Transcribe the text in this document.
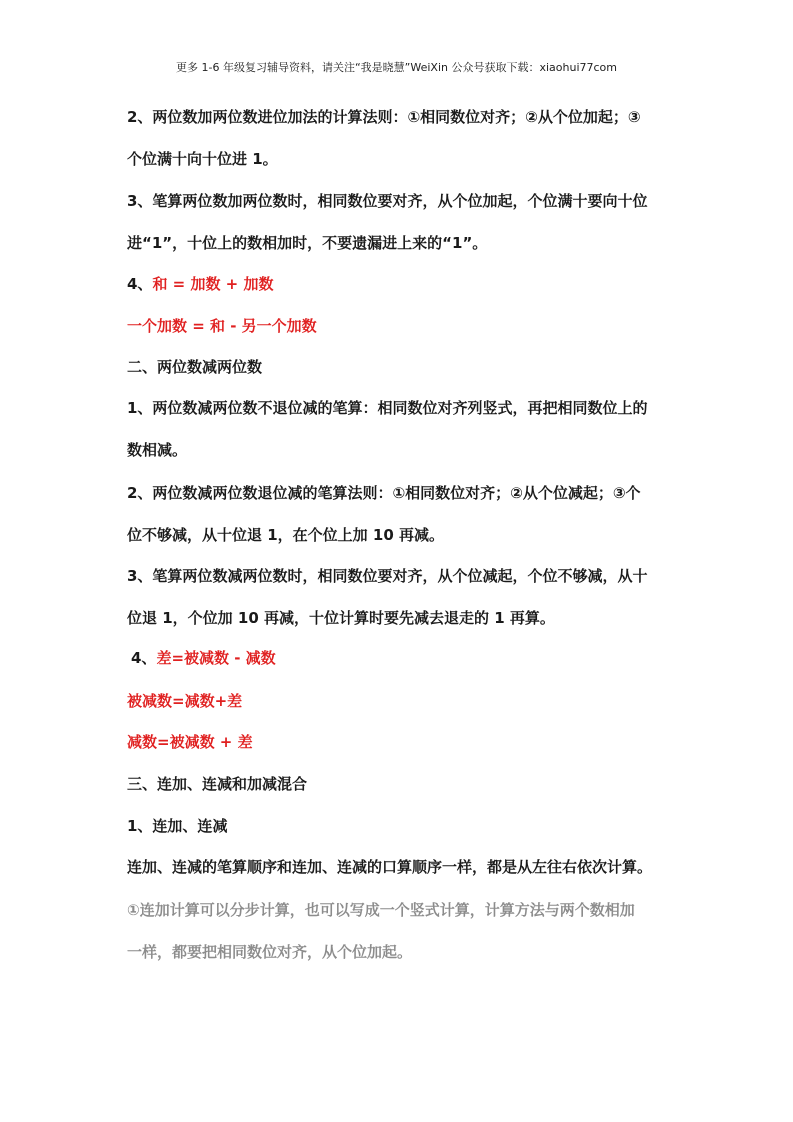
更多 1-6 年级复习辅导资料，请关注“我是晓慧”WeiXin 公众号获取下载：xiaohui77com
2、两位数加两位数进位加法的计算法则：①相同数位对齐；②从个位加起；③
个位满十向十位进 1。
3、笔算两位数加两位数时，相同数位要对齐，从个位加起，个位满十要向十位
进“1”，十位上的数相加时，不要遗漏进上来的“1”。
4、和 = 加数 + 加数
一个加数 = 和 - 另一个加数
二、两位数减两位数
1、两位数减两位数不退位减的笔算：相同数位对齐列竖式，再把相同数位上的
数相减。
2、两位数减两位数退位减的笔算法则：①相同数位对齐；②从个位减起；③个
位不够减，从十位退 1，在个位上加 10 再减。
3、笔算两位数减两位数时，相同数位要对齐，从个位减起，个位不够减，从十
位退 1，个位加 10 再减，十位计算时要先减去退走的 1 再算。
4、差=被减数 - 减数
被减数=减数+差
减数=被减数 + 差
三、连加、连减和加减混合
1、连加、连减
连加、连减的笔算顺序和连加、连减的口算顺序一样，都是从左往右依次计算。
①连加计算可以分步计算，也可以写成一个竖式计算，计算方法与两个数相加
一样，都要把相同数位对齐，从个位加起。
